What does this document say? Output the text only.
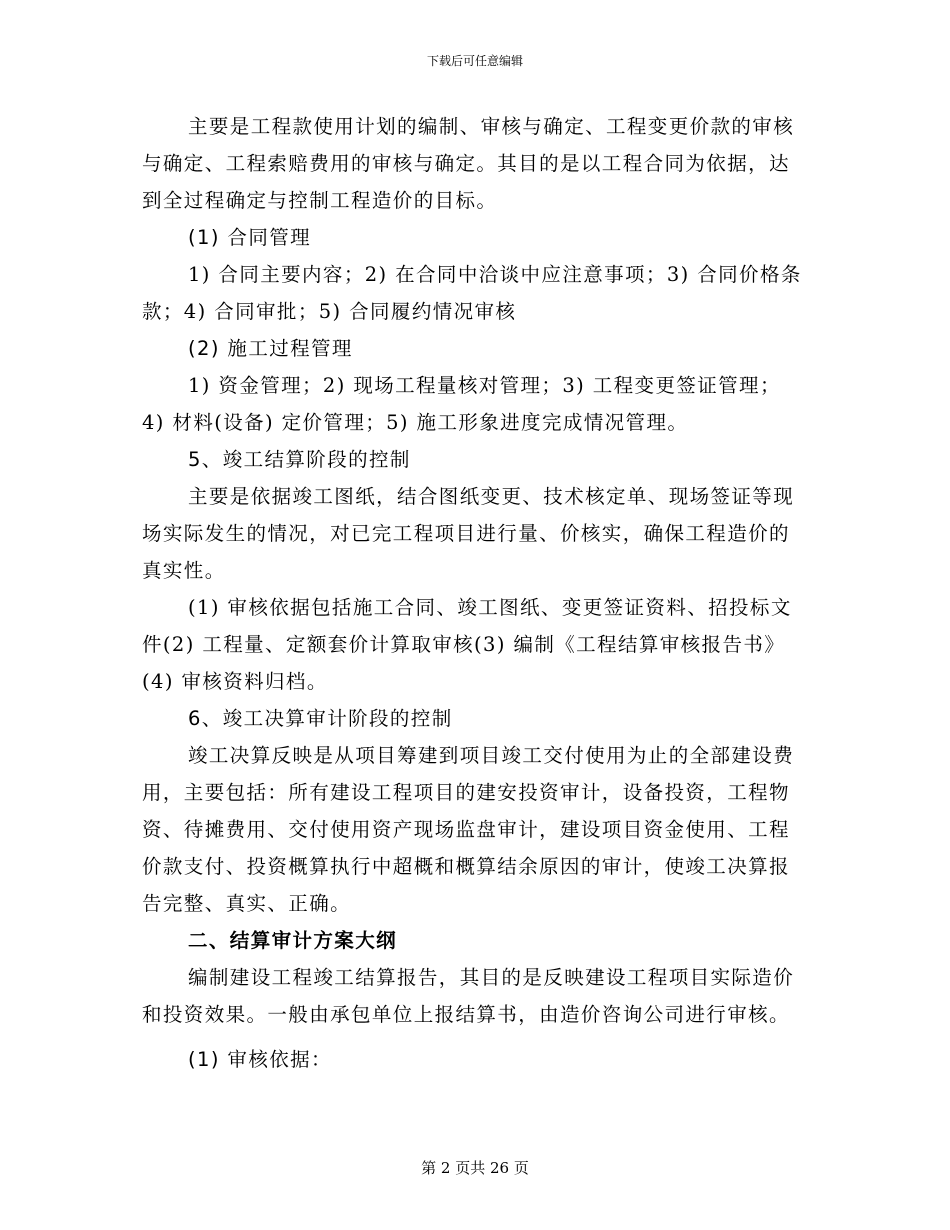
下载后可任意编辑

主要是工程款使用计划的编制、审核与确定、工程变更价款的审核与确定、工程索赔费用的审核与确定。其目的是以工程合同为依据，达到全过程确定与控制工程造价的目标。

(1) 合同管理

1) 合同主要内容；2) 在合同中洽谈中应注意事项；3) 合同价格条款；4) 合同审批；5) 合同履约情况审核

(2) 施工过程管理

1) 资金管理；2) 现场工程量核对管理；3) 工程变更签证管理；4) 材料(设备) 定价管理；5) 施工形象进度完成情况管理。

5、竣工结算阶段的控制

主要是依据竣工图纸，结合图纸变更、技术核定单、现场签证等现场实际发生的情况，对已完工程项目进行量、价核实，确保工程造价的真实性。

(1) 审核依据包括施工合同、竣工图纸、变更签证资料、招投标文件(2) 工程量、定额套价计算取审核(3) 编制《工程结算审核报告书》(4) 审核资料归档。

6、竣工决算审计阶段的控制

竣工决算反映是从项目筹建到项目竣工交付使用为止的全部建设费用，主要包括：所有建设工程项目的建安投资审计，设备投资，工程物资、待摊费用、交付使用资产现场监盘审计，建设项目资金使用、工程价款支付、投资概算执行中超概和概算结余原因的审计，使竣工决算报告完整、真实、正确。

二、结算审计方案大纲

编制建设工程竣工结算报告，其目的是反映建设工程项目实际造价和投资效果。一般由承包单位上报结算书，由造价咨询公司进行审核。

(1) 审核依据：

第 2 页共 26 页
